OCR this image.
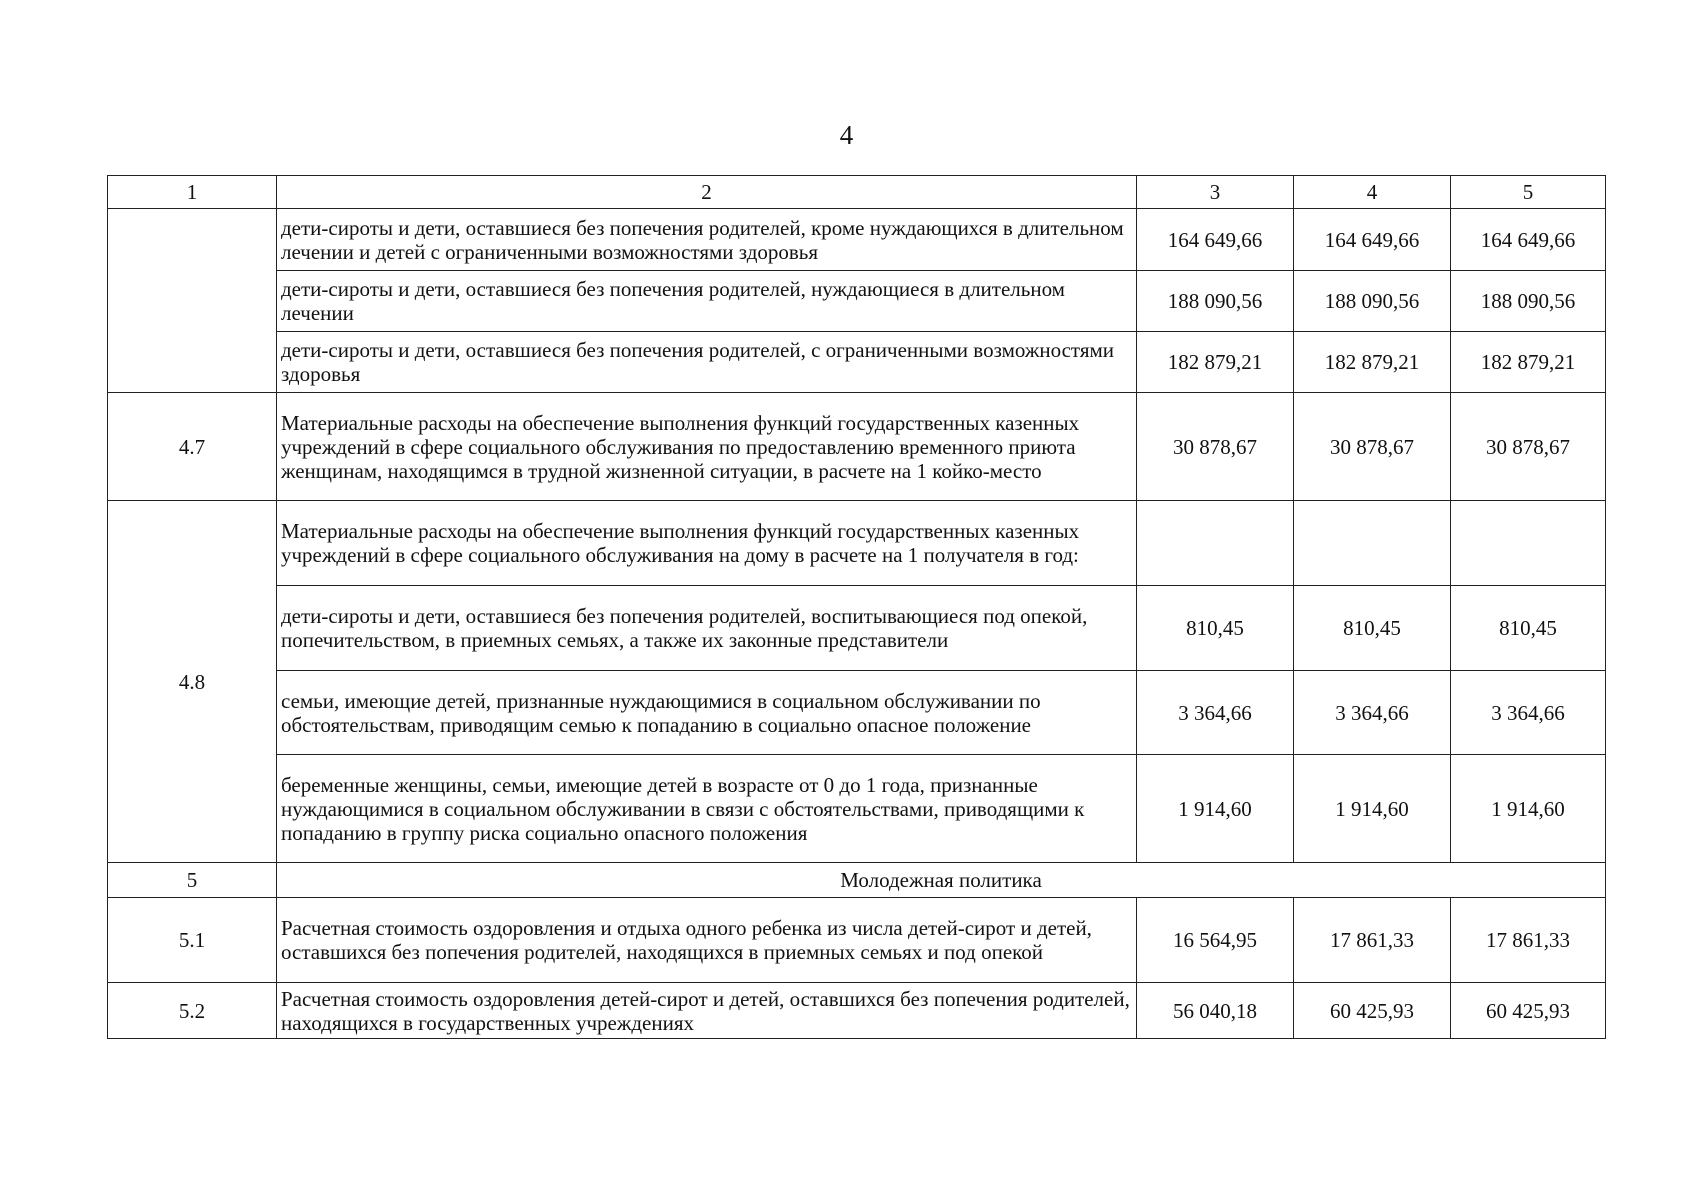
4
1	2	3	4	5
	дети-сироты и дети, оставшиеся без попечения родителей, кроме нуждающихся в длительном лечении и детей с ограниченными возможностями здоровья	164 649,66	164 649,66	164 649,66
	дети-сироты и дети, оставшиеся без попечения родителей, нуждающиеся в длительном лечении	188 090,56	188 090,56	188 090,56
	дети-сироты и дети, оставшиеся без попечения родителей, с ограниченными возможностями здоровья	182 879,21	182 879,21	182 879,21
4.7	Материальные расходы на обеспечение выполнения функций государственных казенных учреждений в сфере социального обслуживания по предоставлению временного приюта женщинам, находящимся в трудной жизненной ситуации, в расчете на 1 койко-место	30 878,67	30 878,67	30 878,67
4.8	Материальные расходы на обеспечение выполнения функций государственных казенных учреждений в сфере социального обслуживания на дому в расчете на 1 получателя в год:			
	дети-сироты и дети, оставшиеся без попечения родителей, воспитывающиеся под опекой, попечительством, в приемных семьях, а также их законные представители	810,45	810,45	810,45
	семьи, имеющие детей, признанные нуждающимися в социальном обслуживании по обстоятельствам, приводящим семью к попаданию в социально опасное положение	3 364,66	3 364,66	3 364,66
	беременные женщины, семьи, имеющие детей в возрасте от 0 до 1 года, признанные нуждающимися в социальном обслуживании в связи с обстоятельствами, приводящими к попаданию в группу риска социально опасного положения	1 914,60	1 914,60	1 914,60
5	Молодежная политика			
5.1	Расчетная стоимость оздоровления и отдыха одного ребенка из числа детей-сирот и детей, оставшихся без попечения родителей, находящихся в приемных семьях и под опекой	16 564,95	17 861,33	17 861,33
5.2	Расчетная стоимость оздоровления детей-сирот и детей, оставшихся без попечения родителей, находящихся в государственных учреждениях	56 040,18	60 425,93	60 425,93
